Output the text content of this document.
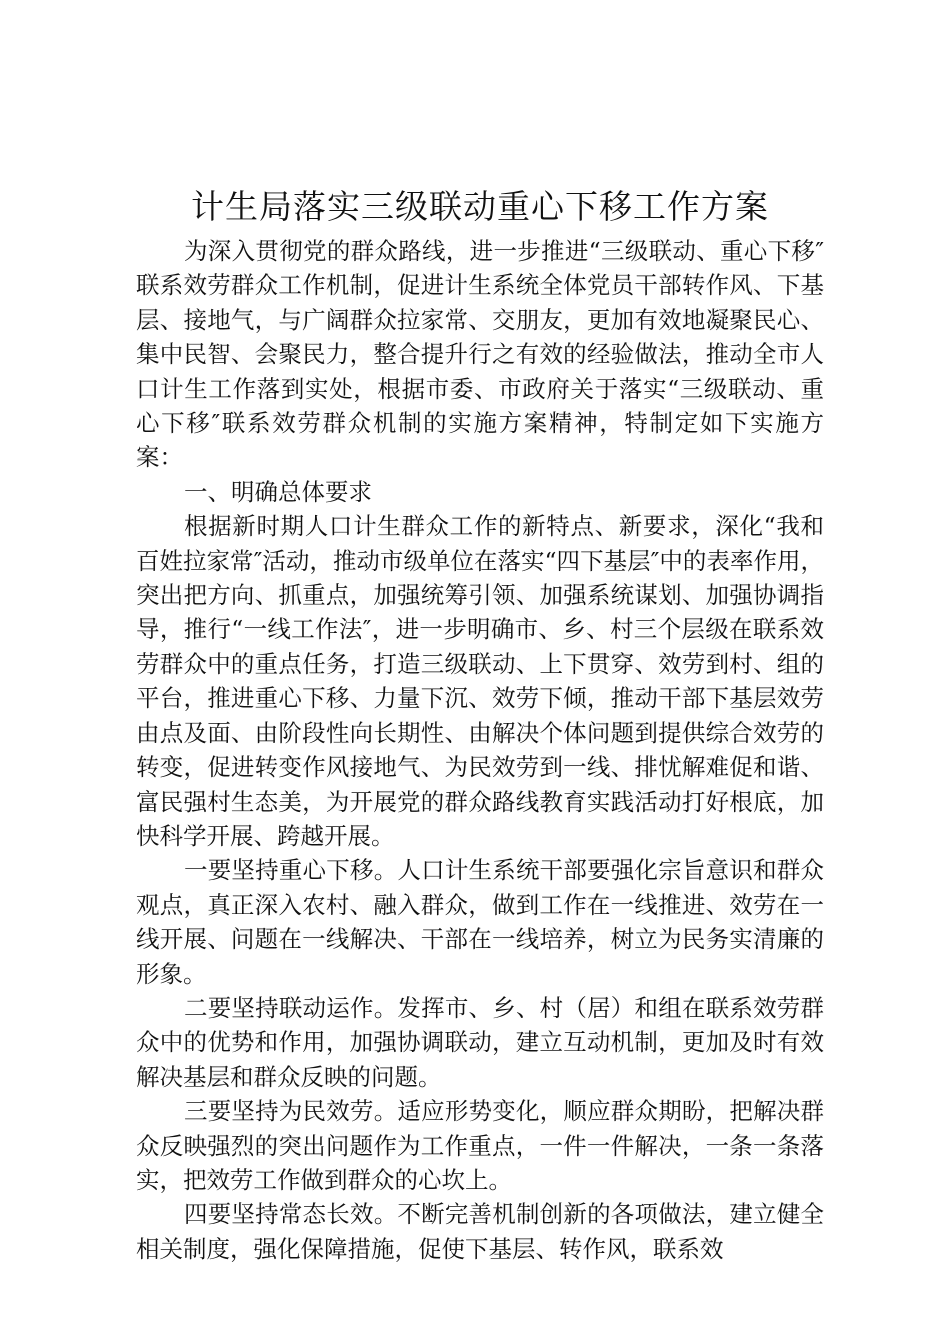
计生局落实三级联动重心下移工作方案

为深入贯彻党的群众路线，进一步推进“三级联动、重心下移″联系效劳群众工作机制，促进计生系统全体党员干部转作风、下基层、接地气，与广阔群众拉家常、交朋友，更加有效地凝聚民心、集中民智、会聚民力，整合提升行之有效的经验做法，推动全市人口计生工作落到实处，根据市委、市政府关于落实“三级联动、重心下移″联系效劳群众机制的实施方案精神，特制定如下实施方案：

一、明确总体要求

根据新时期人口计生群众工作的新特点、新要求，深化“我和百姓拉家常″活动，推动市级单位在落实“四下基层″中的表率作用，突出把方向、抓重点，加强统筹引领、加强系统谋划、加强协调指导，推行“一线工作法″，进一步明确市、乡、村三个层级在联系效劳群众中的重点任务，打造三级联动、上下贯穿、效劳到村、组的平台，推进重心下移、力量下沉、效劳下倾，推动干部下基层效劳由点及面、由阶段性向长期性、由解决个体问题到提供综合效劳的转变，促进转变作风接地气、为民效劳到一线、排忧解难促和谐、富民强村生态美，为开展党的群众路线教育实践活动打好根底，加快科学开展、跨越开展。

一要坚持重心下移。人口计生系统干部要强化宗旨意识和群众观点，真正深入农村、融入群众，做到工作在一线推进、效劳在一线开展、问题在一线解决、干部在一线培养，树立为民务实清廉的形象。

二要坚持联动运作。发挥市、乡、村（居）和组在联系效劳群众中的优势和作用，加强协调联动，建立互动机制，更加及时有效解决基层和群众反映的问题。

三要坚持为民效劳。适应形势变化，顺应群众期盼，把解决群众反映强烈的突出问题作为工作重点，一件一件解决，一条一条落实，把效劳工作做到群众的心坎上。

四要坚持常态长效。不断完善机制创新的各项做法，建立健全相关制度，强化保障措施，促使下基层、转作风，联系效
